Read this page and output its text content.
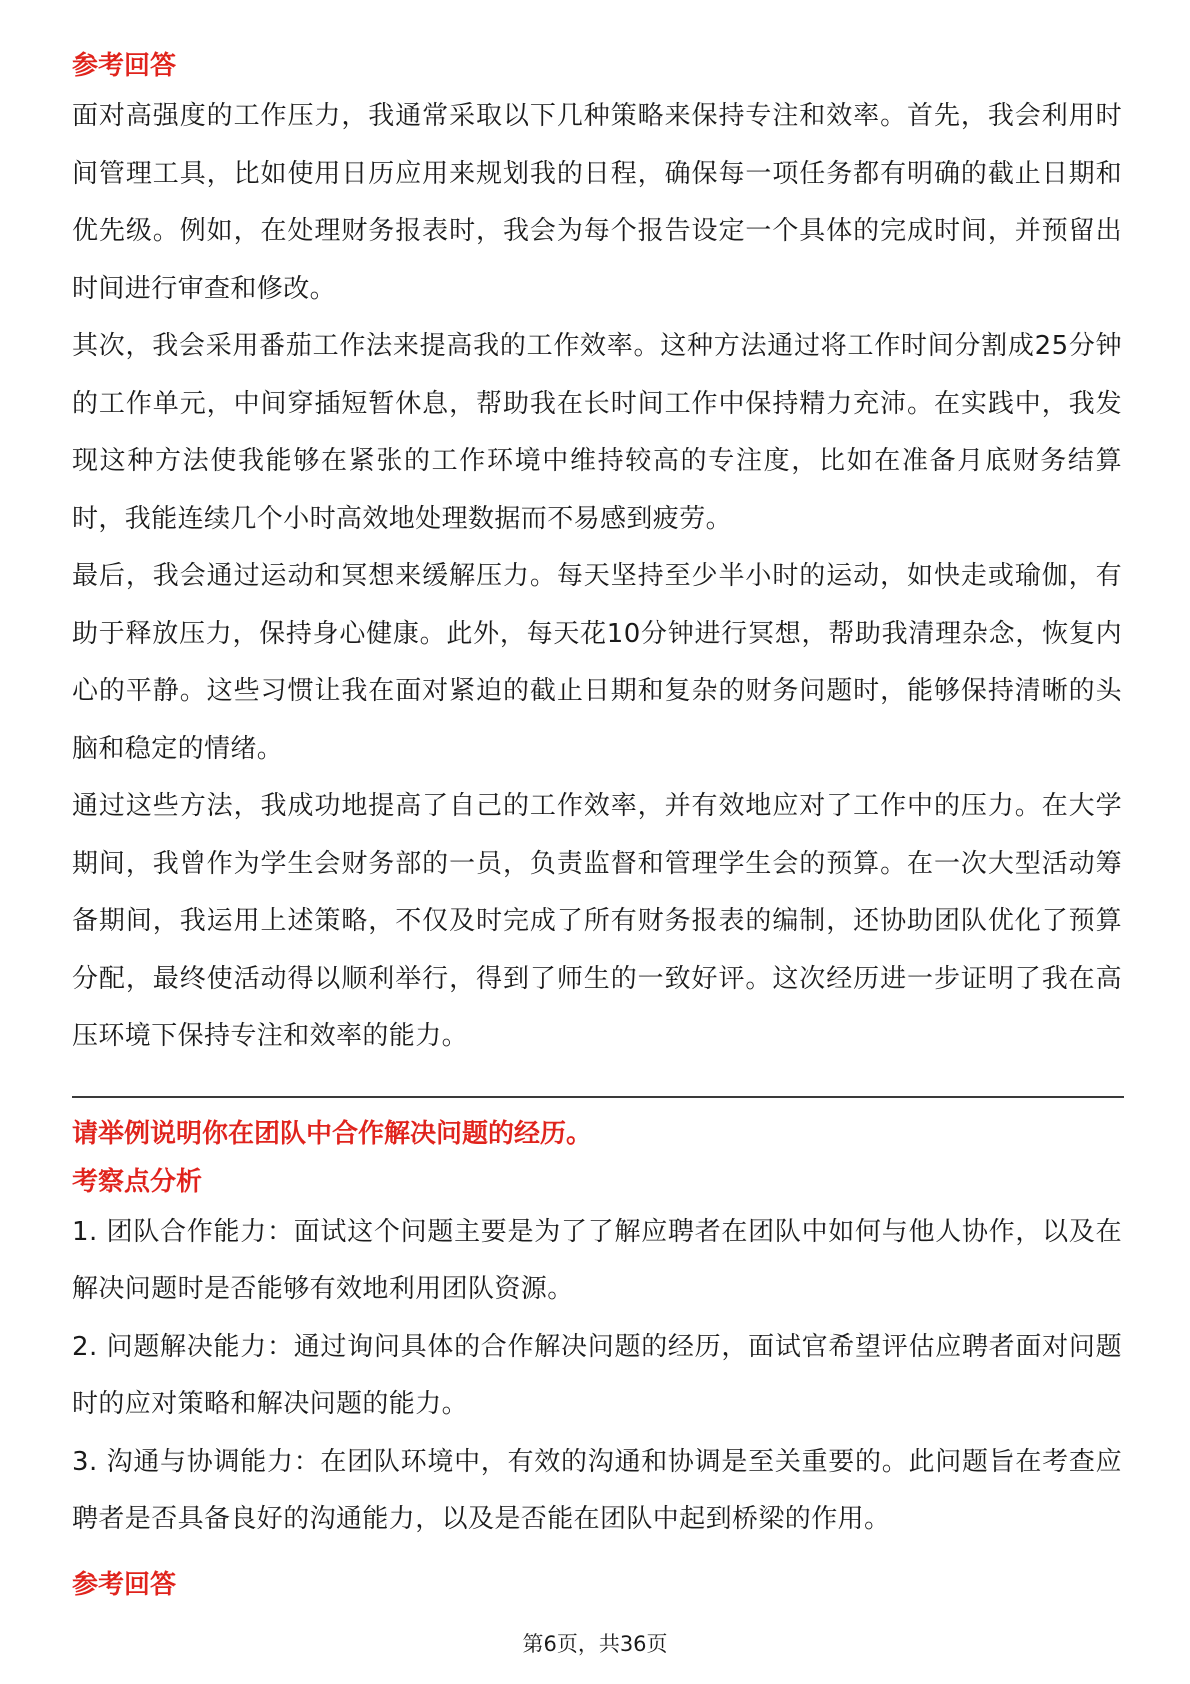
参考回答

面对高强度的工作压力，我通常采取以下几种策略来保持专注和效率。首先，我会利用时间管理工具，比如使用日历应用来规划我的日程，确保每一项任务都有明确的截止日期和优先级。例如，在处理财务报表时，我会为每个报告设定一个具体的完成时间，并预留出时间进行审查和修改。

其次，我会采用番茄工作法来提高我的工作效率。这种方法通过将工作时间分割成25分钟的工作单元，中间穿插短暂休息，帮助我在长时间工作中保持精力充沛。在实践中，我发现这种方法使我能够在紧张的工作环境中维持较高的专注度，比如在准备月底财务结算时，我能连续几个小时高效地处理数据而不易感到疲劳。

最后，我会通过运动和冥想来缓解压力。每天坚持至少半小时的运动，如快走或瑜伽，有助于释放压力，保持身心健康。此外，每天花10分钟进行冥想，帮助我清理杂念，恢复内心的平静。这些习惯让我在面对紧迫的截止日期和复杂的财务问题时，能够保持清晰的头脑和稳定的情绪。

通过这些方法，我成功地提高了自己的工作效率，并有效地应对了工作中的压力。在大学期间，我曾作为学生会财务部的一员，负责监督和管理学生会的预算。在一次大型活动筹备期间，我运用上述策略，不仅及时完成了所有财务报表的编制，还协助团队优化了预算分配，最终使活动得以顺利举行，得到了师生的一致好评。这次经历进一步证明了我在高压环境下保持专注和效率的能力。

请举例说明你在团队中合作解决问题的经历。
考察点分析

1. 团队合作能力：面试这个问题主要是为了了解应聘者在团队中如何与他人协作，以及在解决问题时是否能够有效地利用团队资源。

2. 问题解决能力：通过询问具体的合作解决问题的经历，面试官希望评估应聘者面对问题时的应对策略和解决问题的能力。

3. 沟通与协调能力：在团队环境中，有效的沟通和协调是至关重要的。此问题旨在考查应聘者是否具备良好的沟通能力，以及是否能在团队中起到桥梁的作用。

参考回答
第6页，共36页
